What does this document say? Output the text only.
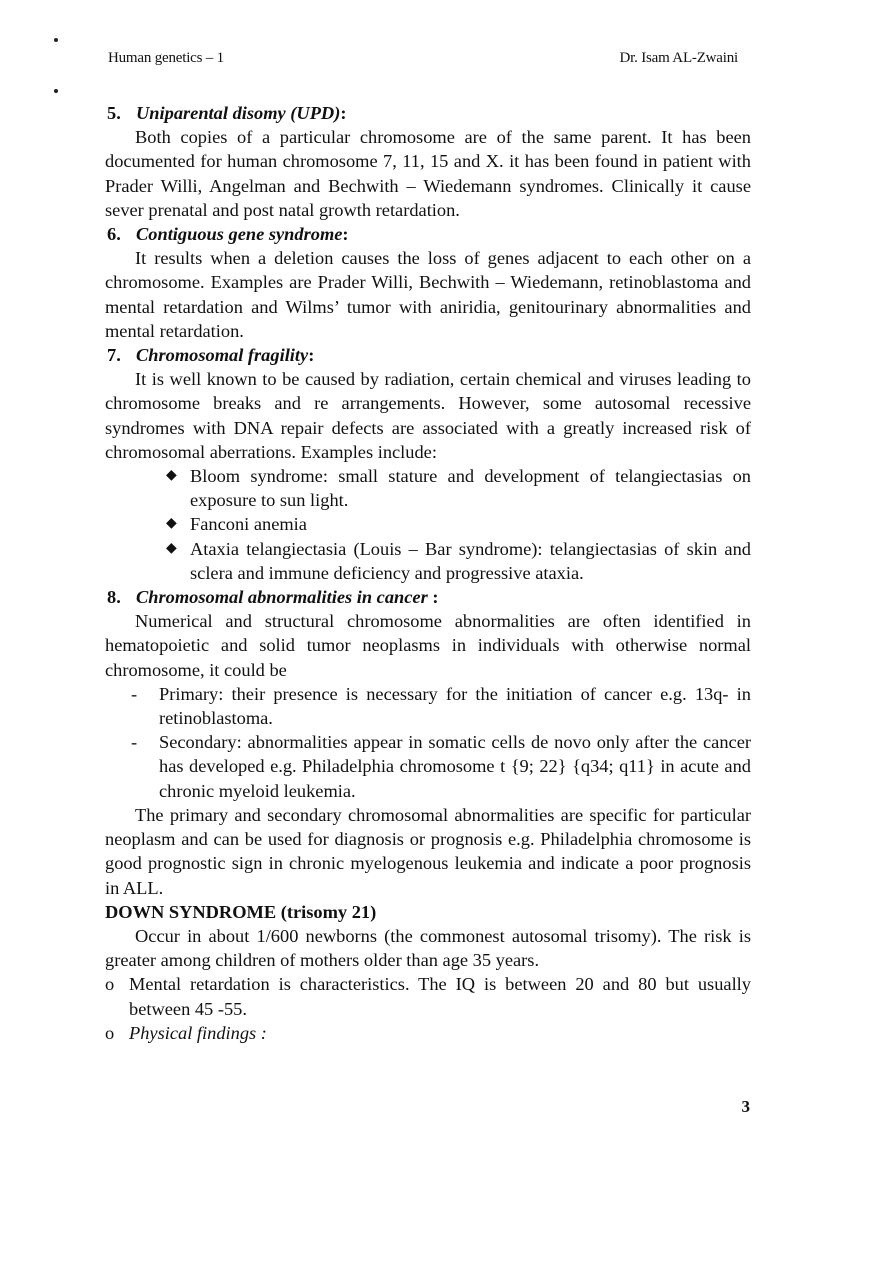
Human genetics – 1	Dr. Isam AL-Zwaini
5. Uniparental disomy (UPD):

Both copies of a particular chromosome are of the same parent. It has been documented for human chromosome 7, 11, 15 and X. it has been found in patient with Prader Willi, Angelman and Bechwith – Wiedemann syndromes. Clinically it cause sever prenatal and post natal growth retardation.

6. Contiguous gene syndrome:

It results when a deletion causes the loss of genes adjacent to each other on a chromosome. Examples are Prader Willi, Bechwith – Wiedemann, retinoblastoma and mental retardation and Wilms’ tumor with aniridia, genitourinary abnormalities and mental retardation.

7. Chromosomal fragility:

It is well known to be caused by radiation, certain chemical and viruses leading to chromosome breaks and re arrangements. However, some autosomal recessive syndromes with DNA repair defects are associated with a greatly increased risk of chromosomal aberrations. Examples include:

◆ Bloom syndrome: small stature and development of telangiectasias on exposure to sun light.
◆ Fanconi anemia
◆ Ataxia telangiectasia (Louis – Bar syndrome): telangiectasias of skin and sclera and immune deficiency and progressive ataxia.
8. Chromosomal abnormalities in cancer :

Numerical and structural chromosome abnormalities are often identified in hematopoietic and solid tumor neoplasms in individuals with otherwise normal chromosome, it could be

- Primary: their presence is necessary for the initiation of cancer e.g. 13q- in retinoblastoma.
- Secondary: abnormalities appear in somatic cells de novo only after the cancer has developed e.g. Philadelphia chromosome t {9; 22} {q34; q11} in acute and chronic myeloid leukemia.

The primary and secondary chromosomal abnormalities are specific for particular neoplasm and can be used for diagnosis or prognosis e.g. Philadelphia chromosome is good prognostic sign in chronic myelogenous leukemia and indicate a poor prognosis in ALL.

DOWN SYNDROME (trisomy 21)

Occur in about 1/600 newborns (the commonest autosomal trisomy). The risk is greater among children of mothers older than age 35 years.

o Mental retardation is characteristics. The IQ is between 20 and 80 but usually between 45 -55.
o Physical findings :
3
